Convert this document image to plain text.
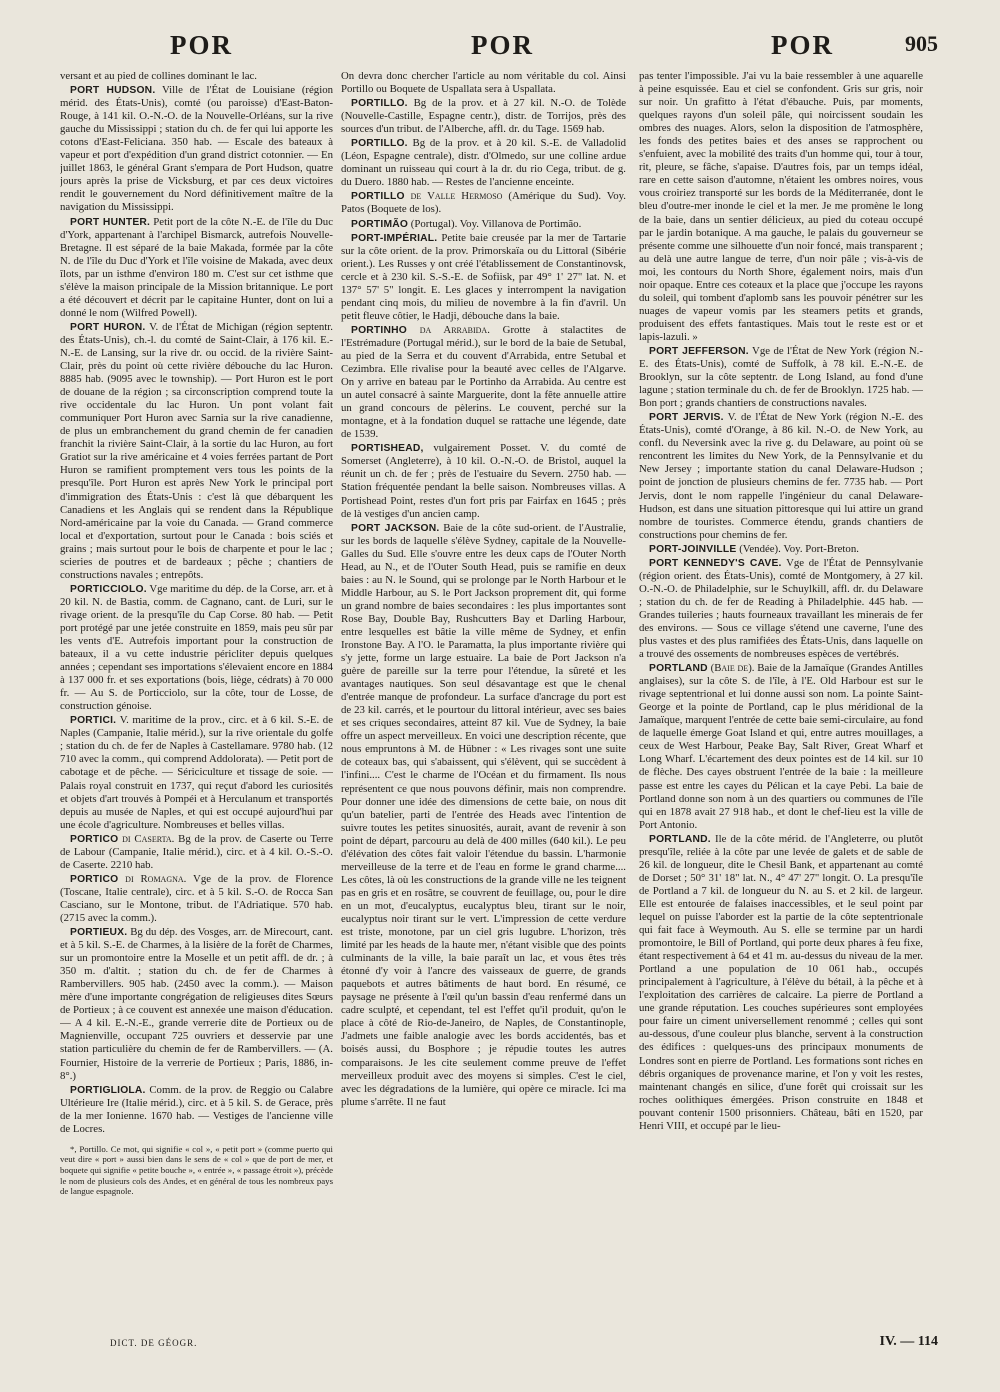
POR	POR	POR	905

versant et au pied de collines dominant le lac.

PORT HUDSON. Ville de l'État de Louisiane (région mérid. des États-Unis), comté (ou paroisse) d'East-Baton-Rouge, à 141 kil. O.-N.-O. de la Nouvelle-Orléans, sur la rive gauche du Mississippi ; station du ch. de fer qui lui apporte les cotons d'East-Feliciana. 350 hab. — Escale des bateaux à vapeur et port d'expédition d'un grand district cotonnier. — En juillet 1863, le général Grant s'empara de Port Hudson, quatre jours après la prise de Vicksburg, et par ces deux victoires rendit le gouvernement du Nord définitivement maître de la navigation du Mississippi.

PORT HUNTER. Petit port de la côte N.-E. de l'île du Duc d'York, appartenant à l'archipel Bismarck, autrefois Nouvelle-Bretagne. Il est séparé de la baie Makada, formée par la côte N. de l'île du Duc d'York et l'île voisine de Makada, avec deux îlots, par un isthme d'environ 180 m. C'est sur cet isthme que s'élève la maison principale de la Mission britannique. Le port a été découvert et décrit par le capitaine Hunter, dont on lui a donné le nom (Wilfred Powell).

PORT HURON. V. de l'État de Michigan (région septentr. des États-Unis), ch.-l. du comté de Saint-Clair, à 176 kil. E.-N.-E. de Lansing, sur la rive dr. ou occid. de la rivière Saint-Clair, près du point où cette rivière débouche du lac Huron. 8885 hab. (9095 avec le township). — Port Huron est le port de douane de la région ; sa circonscription comprend toute la rive occidentale du lac Huron. Un pont volant fait communiquer Port Huron avec Sarnia sur la rive canadienne, de plus un embranchement du grand chemin de fer canadien franchit la rivière Saint-Clair, à la sortie du lac Huron, au fort Gratiot sur la rive américaine et 4 voies ferrées partant de Port Huron se ramifient promptement vers tous les points de la presqu'île. Port Huron est après New York le principal port d'immigration des États-Unis : c'est là que débarquent les Canadiens et les Anglais qui se rendent dans la République Nord-américaine par la voie du Canada. — Grand commerce local et d'exportation, surtout pour le Canada : bois sciés et grains ; mais surtout pour le bois de charpente et pour le lac ; scieries de poutres et de bardeaux ; pêche ; chantiers de constructions navales ; entrepôts.

PORTICCIOLO. Vge maritime du dép. de la Corse, arr. et à 20 kil. N. de Bastia, comm. de Cagnano, cant. de Luri, sur le rivage orient. de la presqu'île du Cap Corse. 80 hab. — Petit port protégé par une jetée construite en 1859, mais peu sûr par les vents d'E. Autrefois important pour la construction de bateaux, il a vu cette industrie péricliter depuis quelques années ; cependant ses importations s'élevaient encore en 1884 à 137 000 fr. et ses exportations (bois, liège, cédrats) à 70 000 fr. — Au S. de Porticciolo, sur la côte, tour de Losse, de construction génoise.

PORTICI. V. maritime de la prov., circ. et à 6 kil. S.-E. de Naples (Campanie, Italie mérid.), sur la rive orientale du golfe ; station du ch. de fer de Naples à Castellamare. 9780 hab. (12 710 avec la comm., qui comprend Addolorata). — Petit port de cabotage et de pêche. — Sériciculture et tissage de soie. — Palais royal construit en 1737, qui reçut d'abord les curiosités et objets d'art trouvés à Pompéi et à Herculanum et transportés depuis au musée de Naples, et qui est occupé aujourd'hui par une école d'agriculture. Nombreuses et belles villas.

PORTICO di Caserta. Bg de la prov. de Caserte ou Terre de Labour (Campanie, Italie mérid.), circ. et à 4 kil. O.-S.-O. de Caserte. 2210 hab.

PORTICO di Romagna. Vge de la prov. de Florence (Toscane, Italie centrale), circ. et à 5 kil. S.-O. de Rocca San Casciano, sur le Montone, tribut. de l'Adriatique. 570 hab. (2715 avec la comm.).

PORTIEUX. Bg du dép. des Vosges, arr. de Mirecourt, cant. et à 5 kil. S.-E. de Charmes, à la lisière de la forêt de Charmes, sur un promontoire entre la Moselle et un petit affl. de dr. ; à 350 m. d'altit. ; station du ch. de fer de Charmes à Rambervillers. 905 hab. (2450 avec la comm.). — Maison mère d'une importante congrégation de religieuses dites Sœurs de Portieux ; à ce couvent est annexée une maison d'éducation. — A 4 kil. E.-N.-E., grande verrerie dite de Portieux ou de Magnienville, occupant 725 ouvriers et desservie par une station particulière du chemin de fer de Rambervillers. — (A. Fournier, Histoire de la verrerie de Portieux ; Paris, 1886, in-8°.)

PORTIGLIOLA. Comm. de la prov. de Reggio ou Calabre Ultérieure Ire (Italie mérid.), circ. et à 5 kil. S. de Gerace, près de la mer Ionienne. 1670 hab. — Vestiges de l'ancienne ville de Locres.

*, Portillo. Ce mot, qui signifie « col », « petit port » (comme puerto qui veut dire « port » aussi bien dans le sens de « col » que de port de mer, et boquete qui signifie « petite bouche », « entrée », « passage étroit »), précède le nom de plusieurs cols des Andes, et en général de tous les nombreux pays de langue espagnole.

On devra donc chercher l'article au nom véritable du col. Ainsi Portillo ou Boquete de Uspallata sera à Uspallata.

PORTILLO. Bg de la prov. et à 27 kil. N.-O. de Tolède (Nouvelle-Castille, Espagne centr.), distr. de Torrijos, près des sources d'un tribut. de l'Alberche, affl. dr. du Tage. 1569 hab.

PORTILLO. Bg de la prov. et à 20 kil. S.-E. de Valladolid (Léon, Espagne centrale), distr. d'Olmedo, sur une colline ardue dominant un ruisseau qui court à la dr. du rio Cega, tribut. de g. du Duero. 1880 hab. — Restes de l'ancienne enceinte.

PORTILLO de Valle Hermoso (Amérique du Sud). Voy. Patos (Boquete de los).

PORTIMÃO (Portugal). Voy. Villanova de Portimão.

PORT-IMPÉRIAL. Petite baie creusée par la mer de Tartarie sur la côte orient. de la prov. Primorskaïa ou du Littoral (Sibérie orient.). Les Russes y ont créé l'établissement de Constantinovsk, cercle et à 230 kil. S.-S.-E. de Sofiisk, par 49° 1' 27" lat. N. et 137° 57' 5" longit. E. Les glaces y interrompent la navigation pendant cinq mois, du milieu de novembre à la fin d'avril. Un petit fleuve côtier, le Hadji, débouche dans la baie.

PORTINHO da Arrabida. Grotte à stalactites de l'Estrémadure (Portugal mérid.), sur le bord de la baie de Setubal, au pied de la Serra et du couvent d'Arrabida, entre Setubal et Cezimbra. Elle rivalise pour la beauté avec celles de l'Algarve. On y arrive en bateau par le Portinho da Arrabida. Au centre est un autel consacré à sainte Marguerite, dont la fête annuelle attire un grand concours de pèlerins. Le couvent, perché sur la montagne, et à la fondation duquel se rattache une légende, date de 1539.

PORTISHEAD, vulgairement Posset. V. du comté de Somerset (Angleterre), à 10 kil. O.-N.-O. de Bristol, auquel la réunit un ch. de fer ; près de l'estuaire du Severn. 2750 hab. — Station fréquentée pendant la belle saison. Nombreuses villas. A Portishead Point, restes d'un fort pris par Fairfax en 1645 ; près de là vestiges d'un ancien camp.

PORT JACKSON. Baie de la côte sud-orient. de l'Australie, sur les bords de laquelle s'élève Sydney, capitale de la Nouvelle-Galles du Sud. Elle s'ouvre entre les deux caps de l'Outer North Head, au N., et de l'Outer South Head, puis se ramifie en deux baies : au N. le Sound, qui se prolonge par le North Harbour et le Middle Harbour, au S. le Port Jackson proprement dit, qui forme un grand nombre de baies secondaires : les plus importantes sont Rose Bay, Double Bay, Rushcutters Bay et Darling Harbour, entre lesquelles est bâtie la ville même de Sydney, et enfin Ironstone Bay. A l'O. le Paramatta, la plus importante rivière qui s'y jette, forme un large estuaire. La baie de Port Jackson n'a guère de pareille sur la terre pour l'étendue, la sûreté et les avantages nautiques. Son seul désavantage est que le chenal d'entrée manque de profondeur. La surface d'ancrage du port est de 23 kil. carrés, et le pourtour du littoral intérieur, avec ses baies et ses criques secondaires, atteint 87 kil. Vue de Sydney, la baie offre un aspect merveilleux. En voici une description récente, que nous empruntons à M. de Hübner : « Les rivages sont une suite de coteaux bas, qui s'abaissent, qui s'élèvent, qui se succèdent à l'infini.... C'est le charme de l'Océan et du firmament. Ils nous représentent ce que nous pouvons définir, mais non comprendre. Pour donner une idée des dimensions de cette baie, on nous dit qu'un batelier, parti de l'entrée des Heads avec l'intention de suivre toutes les petites sinuosités, aurait, avant de revenir à son point de départ, parcouru au delà de 400 milles (640 kil.). Le peu d'élévation des côtes fait valoir l'étendue du bassin. L'harmonie merveilleuse de la terre et de l'eau en forme le grand charme.... Les côtes, là où les constructions de la grande ville ne les teignent pas en gris et en rosâtre, se couvrent de feuillage, ou, pour le dire en un mot, d'eucalyptus, eucalyptus bleu, tirant sur le noir, eucalyptus noir tirant sur le vert. L'impression de cette verdure est triste, monotone, par un ciel gris lugubre. L'horizon, très limité par les heads de la haute mer, n'étant visible que des points culminants de la ville, la baie paraît un lac, et vous êtes très étonné d'y voir à l'ancre des vaisseaux de guerre, de grands paquebots et autres bâtiments de haut bord. En résumé, ce paysage ne présente à l'œil qu'un bassin d'eau renfermé dans un cadre sculpté, et cependant, tel est l'effet qu'il produit, qu'on le place à côté de Rio-de-Janeiro, de Naples, de Constantinople, J'admets une faible analogie avec les bords accidentés, bas et boisés aussi, du Bosphore ; je répudie toutes les autres comparaisons. Je les cite seulement comme preuve de l'effet merveilleux produit avec des moyens si simples. C'est le ciel, avec les dégradations de la lumière, qui opère ce miracle. Ici ma plume s'arrête. Il ne faut

pas tenter l'impossible. J'ai vu la baie ressembler à une aquarelle à peine esquissée. Eau et ciel se confondent. Gris sur gris, noir sur noir. Un grafitto à l'état d'ébauche. Puis, par moments, quelques rayons d'un soleil pâle, qui noircissent soudain les ombres des nuages. Alors, selon la disposition de l'atmosphère, les fonds des petites baies et des anses se rapprochent ou s'enfuient, avec la mobilité des traits d'un homme qui, tour à tour, rit, pleure, se fâche, s'apaise. D'autres fois, par un temps idéal, rare en cette saison d'automne, n'étaient les ombres noires, vous vous croiriez transporté sur les bords de la Méditerranée, dont le bleu d'outre-mer inonde le ciel et la mer. Je me promène le long de la baie, dans un sentier délicieux, au pied du coteau occupé par le jardin botanique. A ma gauche, le palais du gouverneur se présente comme une silhouette d'un noir foncé, mais transparent ; au delà une autre langue de terre, d'un noir pâle ; vis-à-vis de moi, les contours du North Shore, également noirs, mais d'un noir opaque. Entre ces coteaux et la place que j'occupe les rayons du soleil, qui tombent d'aplomb sans les pouvoir pénétrer sur les nuages de vapeur vomis par les steamers petits et grands, produisent des effets fantastiques. Mais tout le reste est or et lapis-lazuli. »

PORT JEFFERSON. Vge de l'État de New York (région N.-E. des États-Unis), comté de Suffolk, à 78 kil. E.-N.-E. de Brooklyn, sur la côte septentr. de Long Island, au fond d'une lagune ; station terminale du ch. de fer de Brooklyn. 1725 hab. — Bon port ; grands chantiers de constructions navales.

PORT JERVIS. V. de l'État de New York (région N.-E. des États-Unis), comté d'Orange, à 86 kil. N.-O. de New York, au confl. du Neversink avec la rive g. du Delaware, au point où se rencontrent les limites du New York, de la Pennsylvanie et du New Jersey ; importante station du canal Delaware-Hudson ; point de jonction de plusieurs chemins de fer. 7735 hab. — Port Jervis, dont le nom rappelle l'ingénieur du canal Delaware-Hudson, est dans une situation pittoresque qui lui attire un grand nombre de touristes. Commerce étendu, grands chantiers de constructions pour chemins de fer.

PORT-JOINVILLE (Vendée). Voy. Port-Breton.

PORT KENNEDY'S CAVE. Vge de l'État de Pennsylvanie (région orient. des États-Unis), comté de Montgomery, à 27 kil. O.-N.-O. de Philadelphie, sur le Schuylkill, affl. dr. du Delaware ; station du ch. de fer de Reading à Philadelphie. 445 hab. — Grandes tuileries ; hauts fourneaux travaillant les minerais de fer des environs. — Sous ce village s'étend une caverne, l'une des plus vastes et des plus ramifiées des États-Unis, dans laquelle on a trouvé des ossements de nombreuses espèces de vertébrés.

PORTLAND (Baie de). Baie de la Jamaïque (Grandes Antilles anglaises), sur la côte S. de l'île, à l'E. Old Harbour est sur le rivage septentrional et lui donne aussi son nom. La pointe Saint-George et la pointe de Portland, cap le plus méridional de la Jamaïque, marquent l'entrée de cette baie semi-circulaire, au fond de laquelle émerge Goat Island et qui, entre autres mouillages, a ceux de West Harbour, Peake Bay, Salt River, Great Wharf et Long Wharf. L'écartement des deux pointes est de 14 kil. sur 10 de flèche. Des cayes obstruent l'entrée de la baie : la meilleure passe est entre les cayes du Pélican et la caye Pebi. La baie de Portland donne son nom à un des quartiers ou communes de l'île qui en 1878 avait 27 918 hab., et dont le chef-lieu est la ville de Port Antonio.

PORTLAND. Ile de la côte mérid. de l'Angleterre, ou plutôt presqu'île, reliée à la côte par une levée de galets et de sable de 26 kil. de longueur, dite le Chesil Bank, et appartenant au comté de Dorset ; 50° 31' 18" lat. N., 4° 47' 27" longit. O. La presqu'île de Portland a 7 kil. de longueur du N. au S. et 2 kil. de largeur. Elle est entourée de falaises inaccessibles, et le seul point par lequel on puisse l'aborder est la partie de la côte septentrionale qui fait face à Weymouth. Au S. elle se termine par un hardi promontoire, le Bill of Portland, qui porte deux phares à feu fixe, étant respectivement à 64 et 41 m. au-dessus du niveau de la mer. Portland a une population de 10 061 hab., occupés principalement à l'agriculture, à l'élève du bétail, à la pêche et à l'exploitation des carrières de calcaire. La pierre de Portland a une grande réputation. Les couches supérieures sont employées pour faire un ciment universellement renommé ; celles qui sont au-dessous, d'une couleur plus blanche, servent à la construction des édifices : quelques-uns des principaux monuments de Londres sont en pierre de Portland. Les formations sont riches en débris organiques de provenance marine, et l'on y voit les restes, maintenant changés en silice, d'une forêt qui croissait sur les roches oolithiques émergées. Prison construite en 1848 et pouvant contenir 1500 prisonniers. Château, bâti en 1520, par Henri VIII, et occupé par le lieu-

DICT. DE GÉOGR.	IV. — 114
